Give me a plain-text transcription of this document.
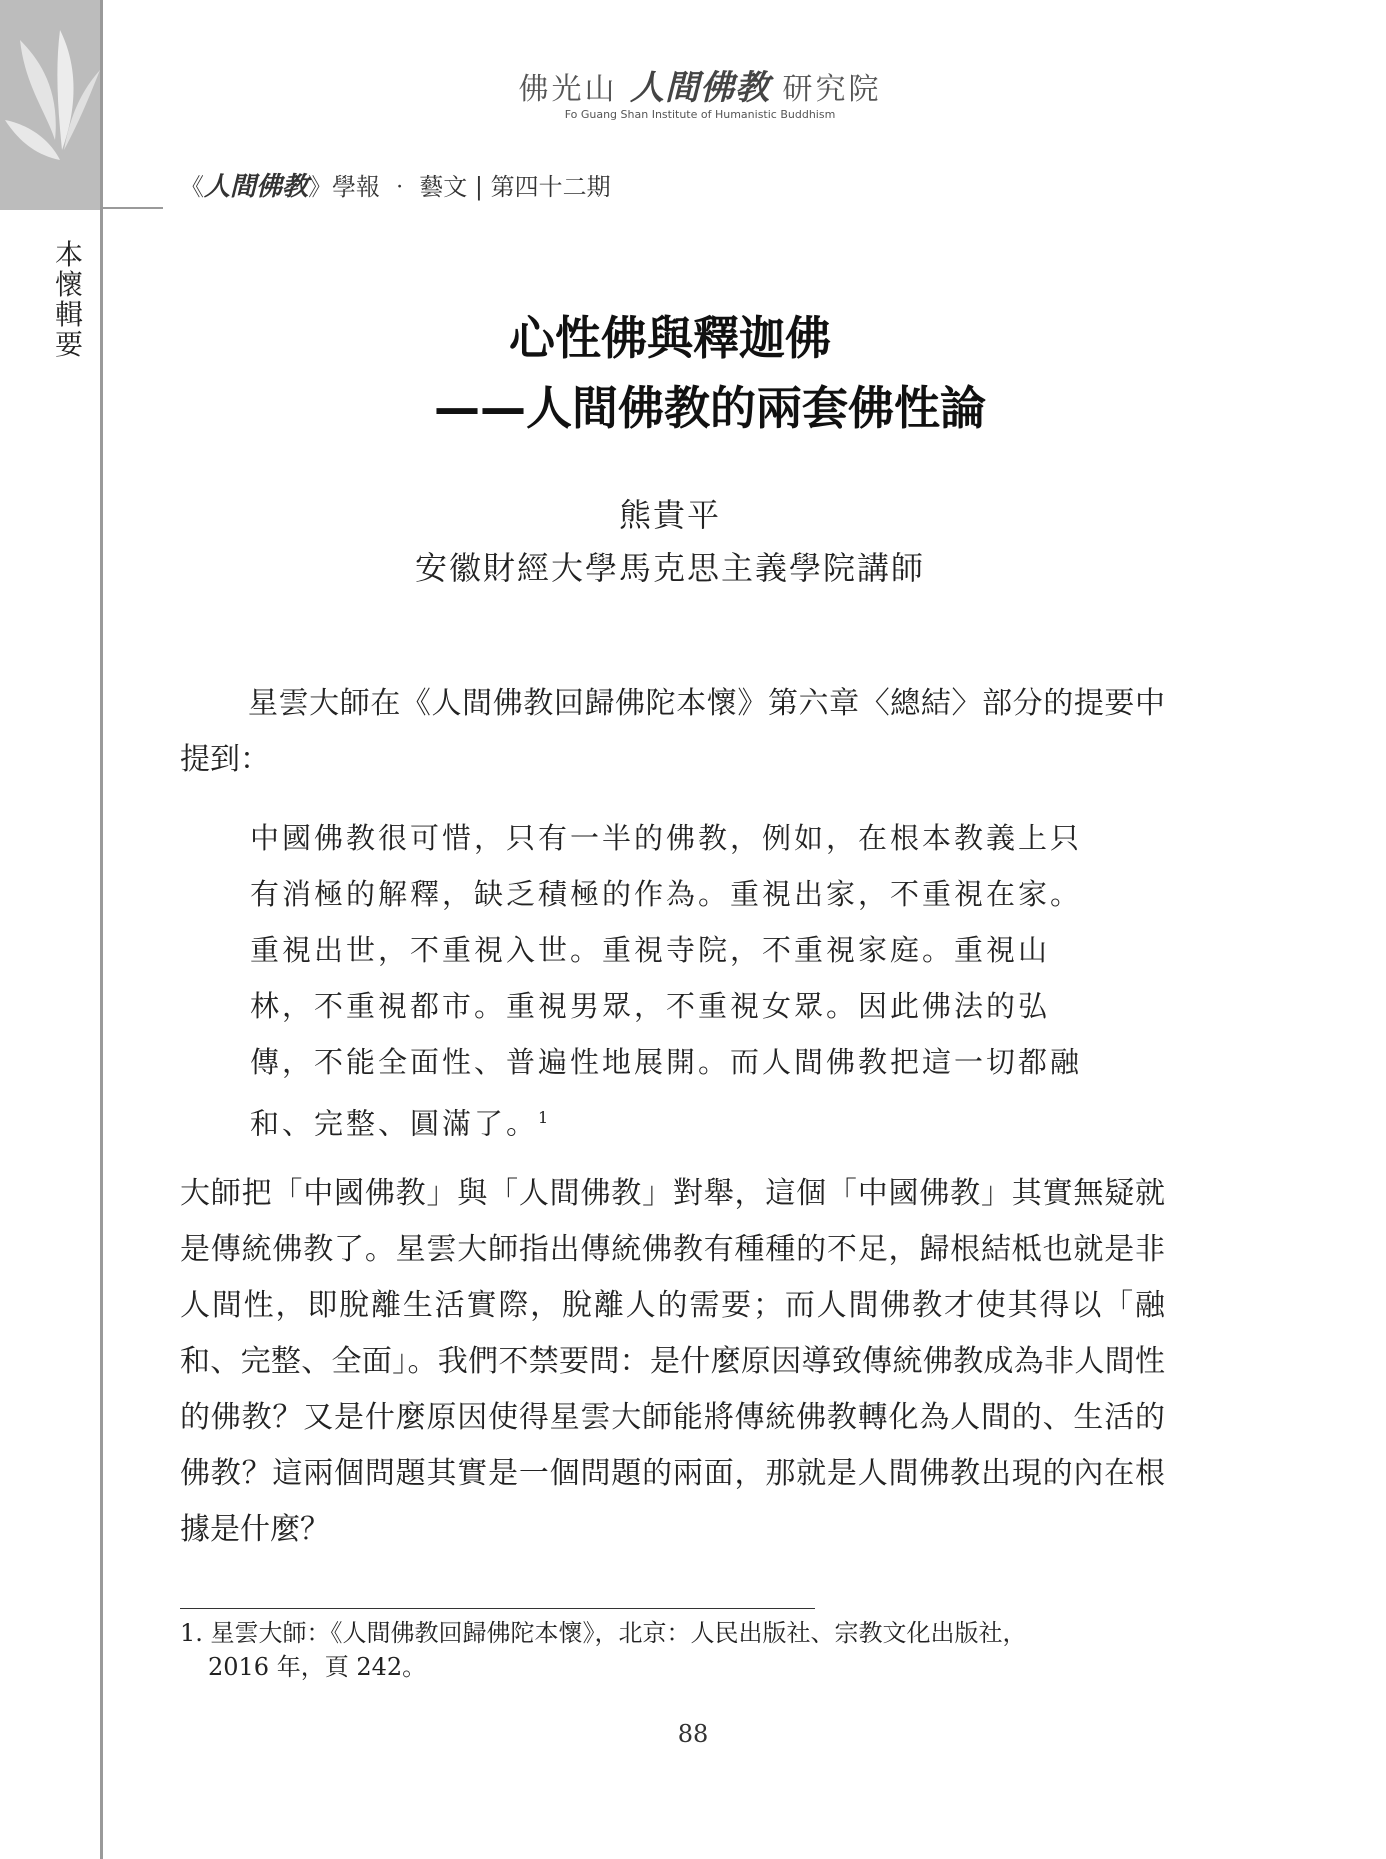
本
懷
輯
要
佛光山 人間佛教 研究院
Fo Guang Shan Institute of Humanistic Buddhism
《人間佛教》學報 ‧ 藝文 | 第四十二期
心性佛與釋迦佛
——人間佛教的兩套佛性論
熊貴平
安徽財經大學馬克思主義學院講師
星雲大師在《人間佛教回歸佛陀本懷》第六章〈總結〉部分的提要中提到：
中國佛教很可惜，只有一半的佛教，例如，在根本教義上只有消極的解釋，缺乏積極的作為。重視出家，不重視在家。重視出世，不重視入世。重視寺院，不重視家庭。重視山林，不重視都市。重視男眾，不重視女眾。因此佛法的弘傳，不能全面性、普遍性地展開。而人間佛教把這一切都融和、完整、圓滿了。$^1$
大師把「中國佛教」與「人間佛教」對舉，這個「中國佛教」其實無疑就是傳統佛教了。星雲大師指出傳統佛教有種種的不足，歸根結柢也就是非人間性，即脫離生活實際，脫離人的需要；而人間佛教才使其得以「融和、完整、全面」。我們不禁要問：是什麼原因導致傳統佛教成為非人間性的佛教？又是什麼原因使得星雲大師能將傳統佛教轉化為人間的、生活的佛教？這兩個問題其實是一個問題的兩面，那就是人間佛教出現的內在根據是什麼？
1. 星雲大師：《人間佛教回歸佛陀本懷》，北京：人民出版社、宗教文化出版社，
2016 年，頁 242。
88
